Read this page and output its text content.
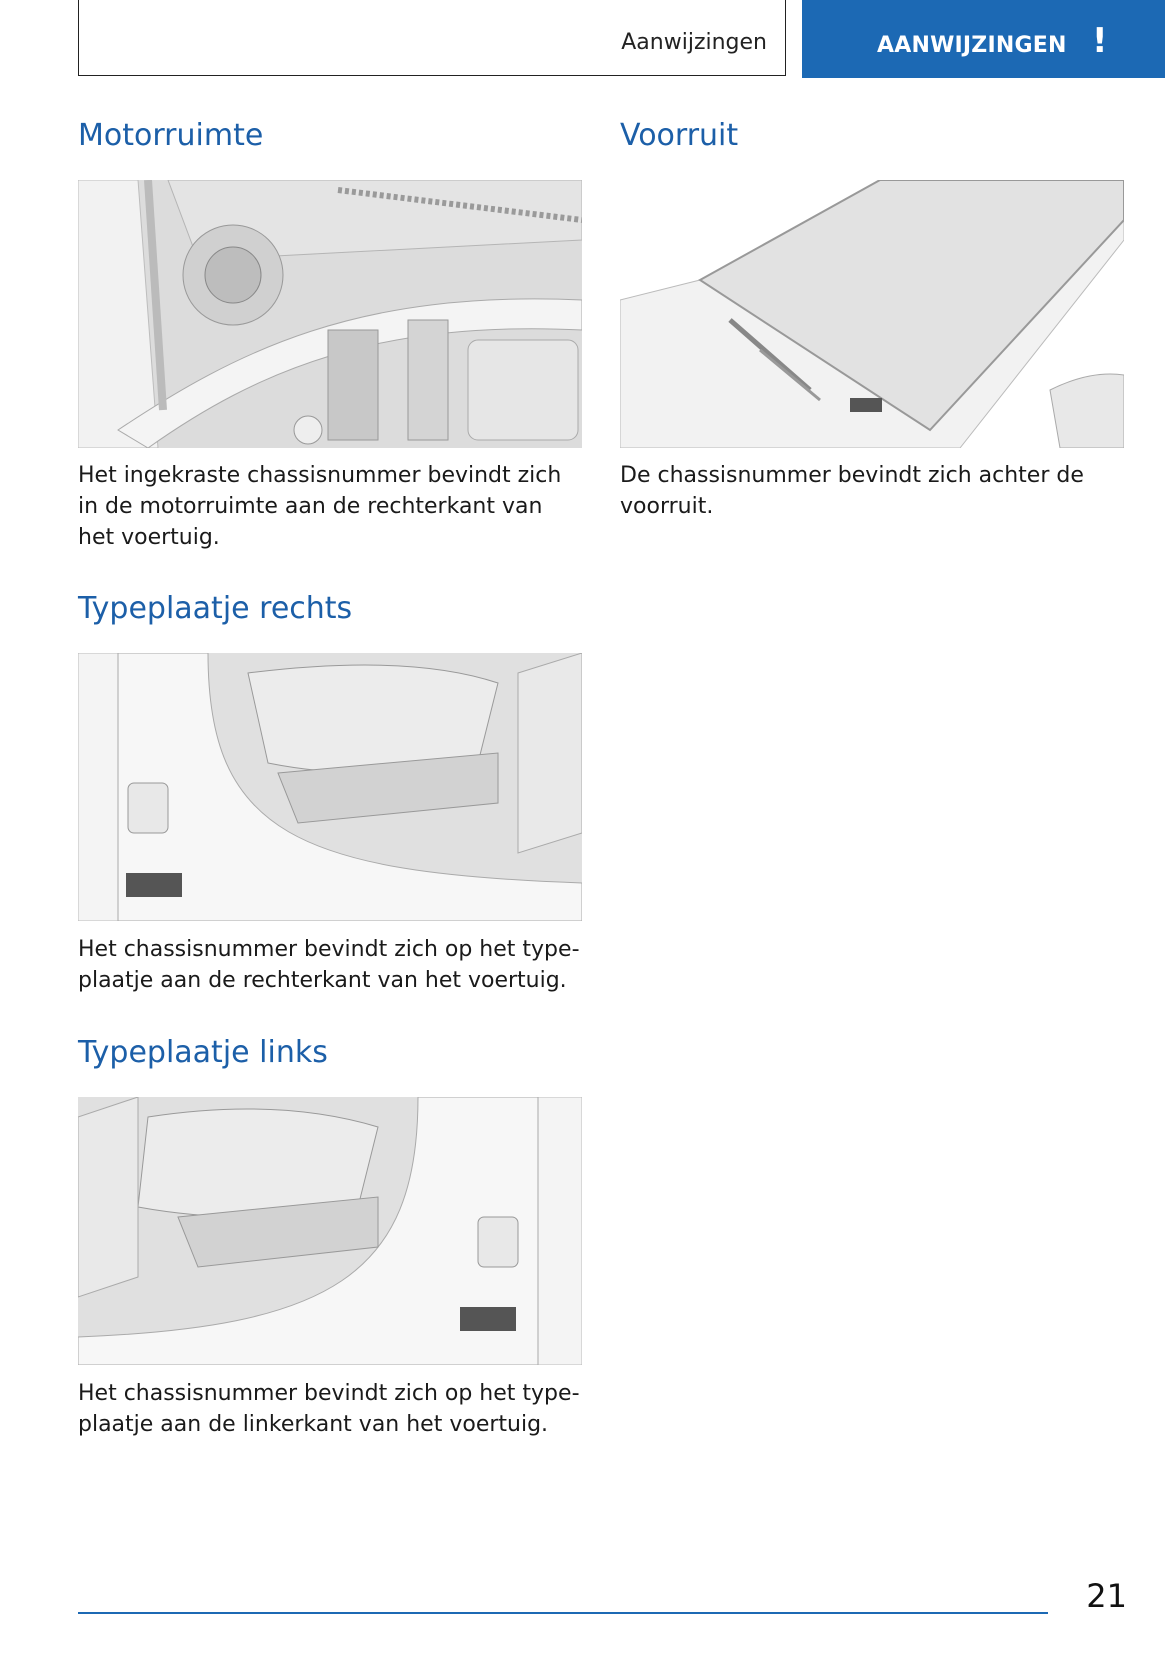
Aanwijzingen	AANWIJZINGEN !
Motorruimte

Het ingekraste chassisnummer bevindt zich in de motorruimte aan de rechterkant van het voertuig.

Voorruit

De chassisnummer bevindt zich achter de voorruit.

Typeplaatje rechts

Het chassisnummer bevindt zich op het typeplaatje aan de rechterkant van het voertuig.

Typeplaatje links

Het chassisnummer bevindt zich op het typeplaatje aan de linkerkant van het voertuig.

21
